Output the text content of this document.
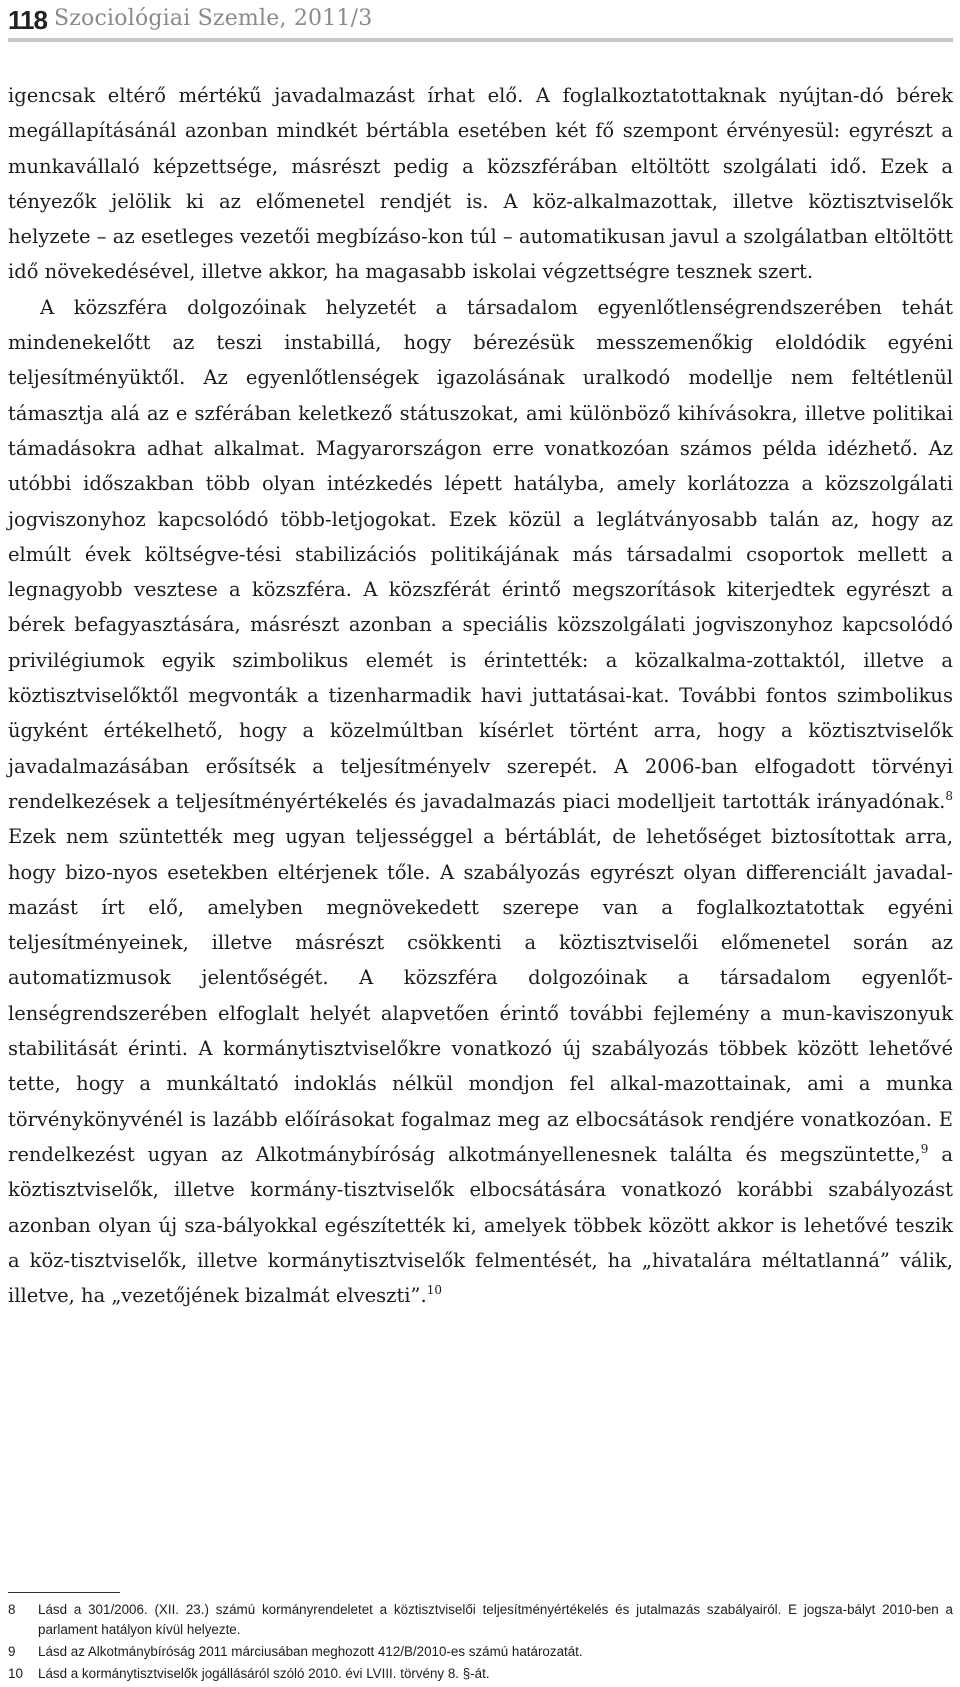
118 Szociológiai Szemle, 2011/3

igencsak eltérő mértékű javadalmazást írhat elő. A foglalkoztatottaknak nyújtan-dó bérek megállapításánál azonban mindkét bértábla esetében két fő szempont érvényesül: egyrészt a munkavállaló képzettsége, másrészt pedig a közszférában eltöltött szolgálati idő. Ezek a tényezők jelölik ki az előmenetel rendjét is. A köz-alkalmazottak, illetve köztisztviselők helyzete – az esetleges vezetői megbízáso-kon túl – automatikusan javul a szolgálatban eltöltött idő növekedésével, illetve akkor, ha magasabb iskolai végzettségre tesznek szert.

A közszféra dolgozóinak helyzetét a társadalom egyenlőtlenségrendszerében tehát mindenekelőtt az teszi instabillá, hogy bérezésük messzemenőkig eloldódik egyéni teljesítményüktől. Az egyenlőtlenségek igazolásának uralkodó modellje nem feltétlenül támasztja alá az e szférában keletkező státuszokat, ami különböző kihívásokra, illetve politikai támadásokra adhat alkalmat. Magyarországon erre vonatkozóan számos példa idézhető. Az utóbbi időszakban több olyan intézkedés lépett hatályba, amely korlátozza a közszolgálati jogviszonyhoz kapcsolódó több-letjogokat. Ezek közül a leglátványosabb talán az, hogy az elmúlt évek költségve-tési stabilizációs politikájának más társadalmi csoportok mellett a legnagyobb vesztese a közszféra. A közszférát érintő megszorítások kiterjedtek egyrészt a bérek befagyasztására, másrészt azonban a speciális közszolgálati jogviszonyhoz kapcsolódó privilégiumok egyik szimbolikus elemét is érintették: a közalkalma-zottaktól, illetve a köztisztviselőktől megvonták a tizenharmadik havi juttatásai-kat. További fontos szimbolikus ügyként értékelhető, hogy a közelmúltban kísérlet történt arra, hogy a köztisztviselők javadalmazásában erősítsék a teljesítményelv szerepét. A 2006-ban elfogadott törvényi rendelkezések a teljesítményértékelés és javadalmazás piaci modelljeit tartották irányadónak.$^8$ Ezek nem szüntették meg ugyan teljességgel a bértáblát, de lehetőséget biztosítottak arra, hogy bizo-nyos esetekben eltérjenek tőle. A szabályozás egyrészt olyan differenciált javadal-mazást írt elő, amelyben megnövekedett szerepe van a foglalkoztatottak egyéni teljesítményeinek, illetve másrészt csökkenti a köztisztviselői előmenetel során az automatizmusok jelentőségét. A közszféra dolgozóinak a társadalom egyenlőt-lenségrendszerében elfoglalt helyét alapvetően érintő további fejlemény a mun-kaviszonyuk stabilitását érinti. A kormánytisztviselőkre vonatkozó új szabályozás többek között lehetővé tette, hogy a munkáltató indoklás nélkül mondjon fel alkal-mazottainak, ami a munka törvénykönyvénél is lazább előírásokat fogalmaz meg az elbocsátások rendjére vonatkozóan. E rendelkezést ugyan az Alkotmánybíróság alkotmányellenesnek találta és megszüntette,$^9$ a köztisztviselők, illetve kormány-tisztviselők elbocsátására vonatkozó korábbi szabályozást azonban olyan új sza-bályokkal egészítették ki, amelyek többek között akkor is lehetővé teszik a köz-tisztviselők, illetve kormánytisztviselők felmentését, ha „hivatalára méltatlanná” válik, illetve, ha „vezetőjének bizalmát elveszti”.$^{10}$

8	Lásd a 301/2006. (XII. 23.) számú kormányrendeletet a köztisztviselői teljesítményértékelés és jutalmazás szabályairól. E jogsza-bályt 2010-ben a parlament hatályon kívül helyezte.
9	Lásd az Alkotmánybíróság 2011 márciusában meghozott 412/B/2010-es számú határozatát.
10	Lásd a kormánytisztviselők jogállásáról szóló 2010. évi LVIII. törvény 8. §-át.
